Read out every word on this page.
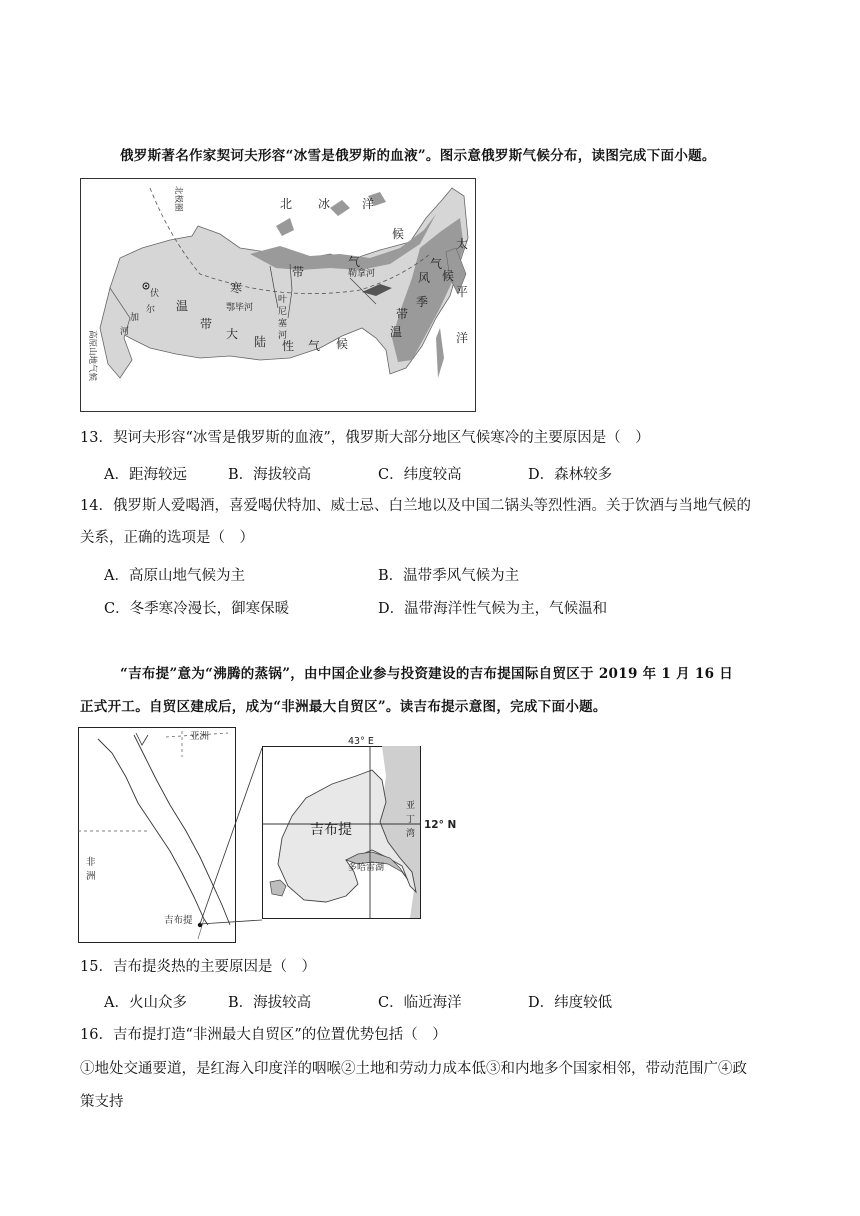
俄罗斯著名作家契诃夫形容“冰雪是俄罗斯的血液”。图示意俄罗斯气候分布，读图完成下面小题。
北 冰	洋
太
平
洋
寒
带
气
候
季
风
气
候
温
带
大
陆 性 气 候
温
带
伏
尔
加
河
鄂毕河
叶
尼
塞
河
勒拿河
北极圈
高原山地气候
13．契诃夫形容“冰雪是俄罗斯的血液”，俄罗斯大部分地区气候寒冷的主要原因是（　）
A．距海较远	B．海拔较高	C．纬度较高	D．森林较多
14．俄罗斯人爱喝酒，喜爱喝伏特加、威士忌、白兰地以及中国二锅头等烈性酒。关于饮酒与当地气候的
关系，正确的选项是（　）
A．高原山地气候为主	B．温带季风气候为主
C．冬季寒冷漫长，御寒保暖	D．温带海洋性气候为主，气候温和
“吉布提”意为“沸腾的蒸锅”，由中国企业参与投资建设的吉布提国际自贸区于 2019 年 1 月 16 日
正式开工。自贸区建成后，成为“非洲最大自贸区”。读吉布提示意图，完成下面小题。
亚洲
非
洲
吉布提
43° E
12° N
吉布提
亚
丁
湾
多哈雷湖
15．吉布提炎热的主要原因是（　）
A．火山众多	B．海拔较高	C．临近海洋	D．纬度较低
16．吉布提打造“非洲最大自贸区”的位置优势包括（　）
①地处交通要道，是红海入印度洋的咽喉②土地和劳动力成本低③和内地多个国家相邻，带动范围广④政
策支持
